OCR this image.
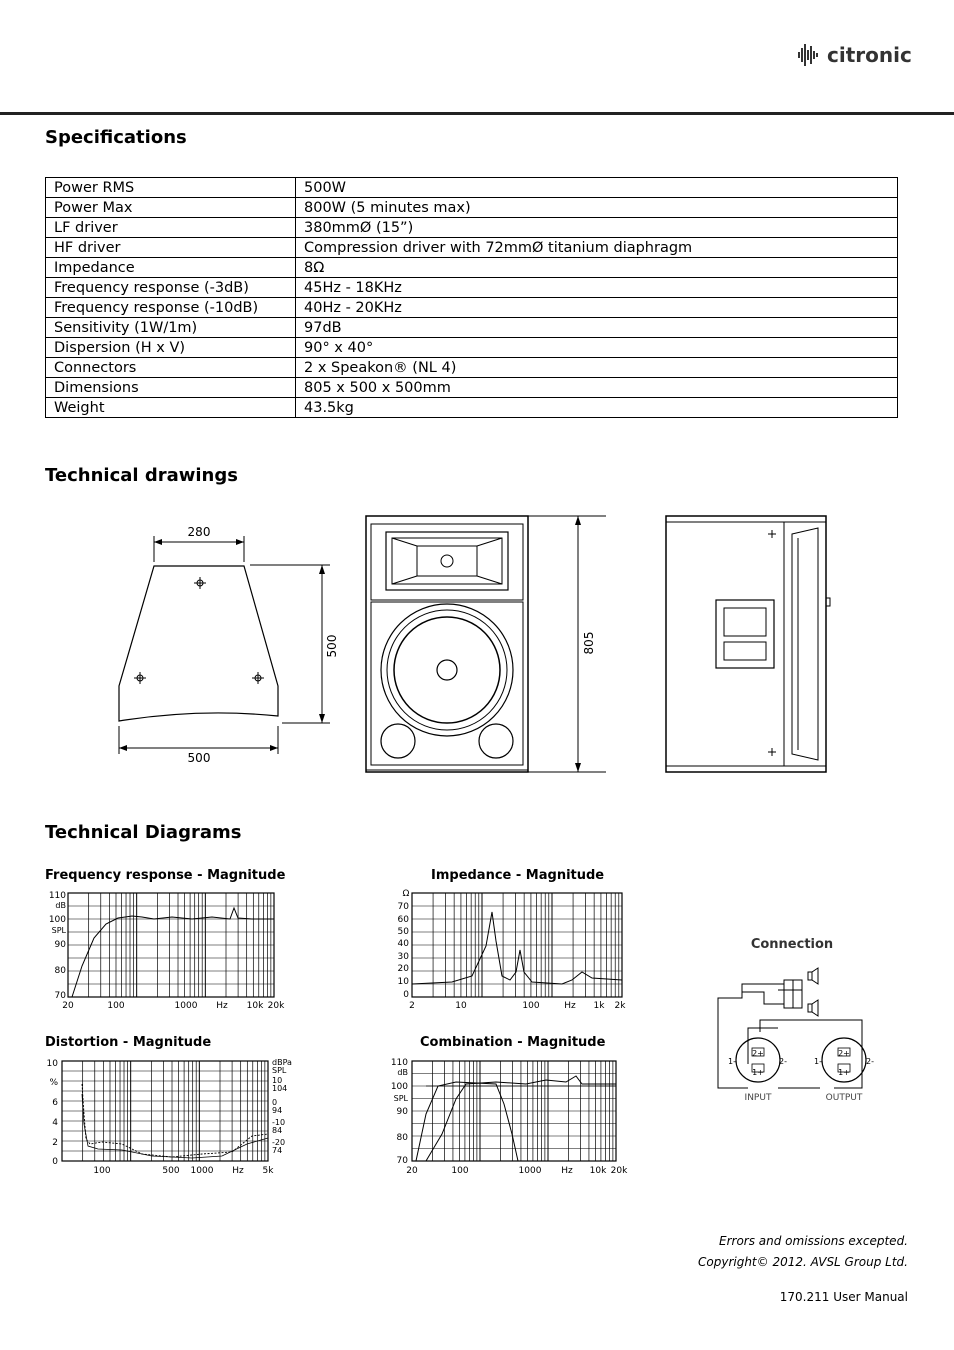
citronic
Specifications
Power RMS	500W
Power Max	800W (5 minutes max)
LF driver	380mmØ (15”)
HF driver	Compression driver with 72mmØ titanium diaphragm
Impedance	8Ω
Frequency response (-3dB)	45Hz - 18KHz
Frequency response (-10dB)	40Hz - 20KHz
Sensitivity (1W/1m)	97dB
Dispersion (H x V)	90° x 40°
Connectors	2 x Speakon® (NL 4)
Dimensions	805 x 500 x 500mm
Weight	43.5kg
Technical drawings
280
500
500
805
Technical Diagrams
Frequency response - Magnitude	Impedance - Magnitude
Distortion - Magnitude	Combination - Magnitude
110
dB
100
SPL
90
80
70
20	100	1000 Hz 10k 20k
Ω
70
60
50
40
30
20
10
0
2	10	100	Hz 1k 2k
10
%
6
4
2
0
dBPa
SPL
10
104
0
94
-10
84
-20
74
100	500 1000 Hz 5k
110
dB
100
SPL
90
80
70
20	100	1000 Hz 10k 20k
Connection
2+
1+
1-	2-
2+
1+
1-	2-
INPUT	OUTPUT
Errors and omissions excepted.
Copyright© 2012. AVSL Group Ltd.
170.211 User Manual
